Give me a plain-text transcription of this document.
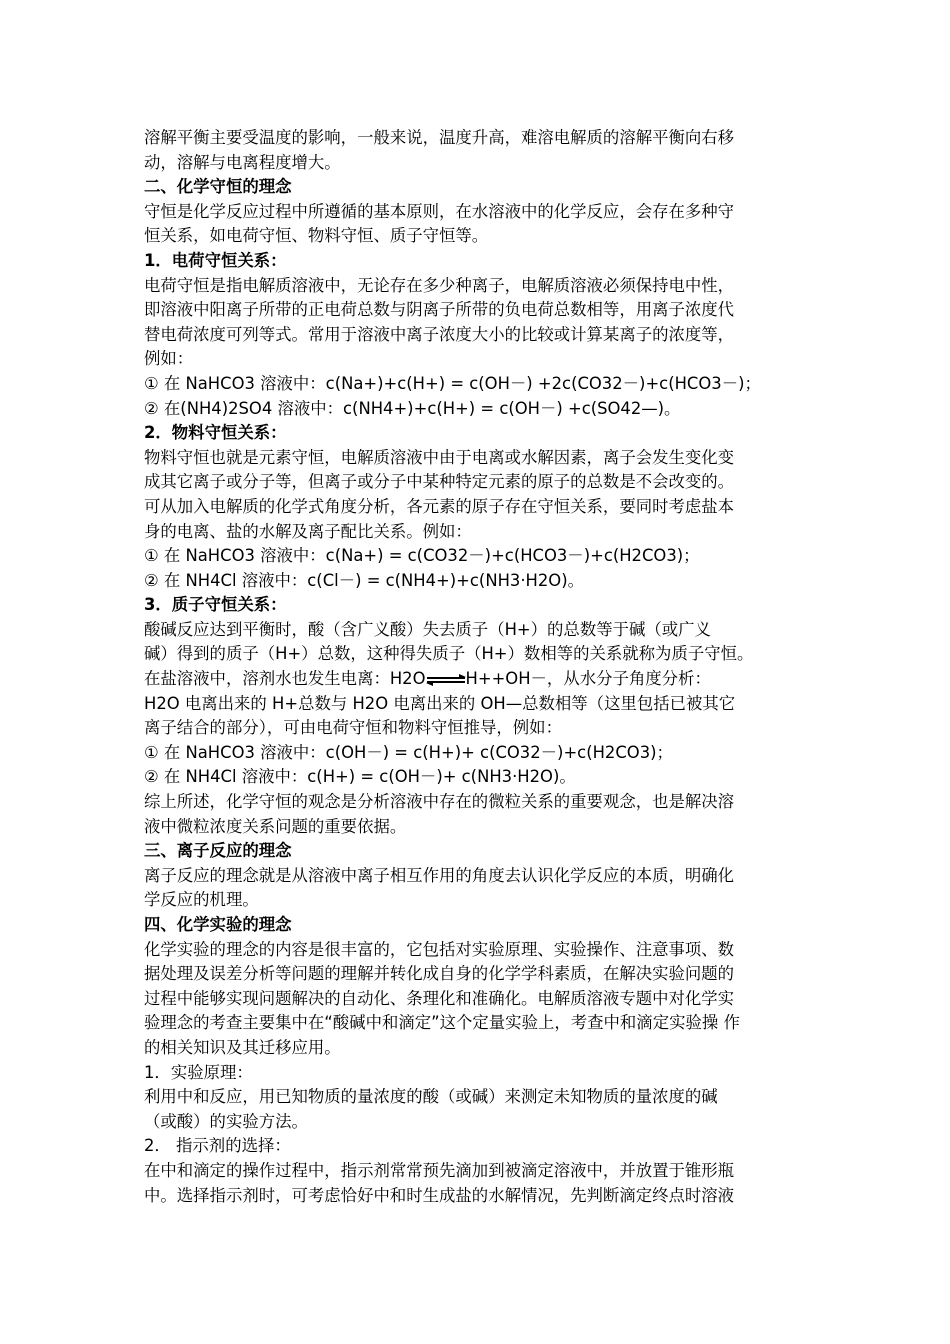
溶解平衡主要受温度的影响，一般来说，温度升高，难溶电解质的溶解平衡向右移
动，溶解与电离程度增大。
二、化学守恒的理念
守恒是化学反应过程中所遵循的基本原则，在水溶液中的化学反应，会存在多种守
恒关系，如电荷守恒、物料守恒、质子守恒等。
1．电荷守恒关系：
电荷守恒是指电解质溶液中，无论存在多少种离子，电解质溶液必须保持电中性，
即溶液中阳离子所带的正电荷总数与阴离子所带的负电荷总数相等，用离子浓度代
替电荷浓度可列等式。常用于溶液中离子浓度大小的比较或计算某离子的浓度等，
例如：
① 在 NaHCO3 溶液中：c(Na+)+c(H+) = c(OH－) +2c(CO32－)+c(HCO3－)；
② 在(NH4)2SO4 溶液中：c(NH4+)+c(H+) = c(OH－) +c(SO42—)。
2．物料守恒关系：
物料守恒也就是元素守恒，电解质溶液中由于电离或水解因素，离子会发生变化变
成其它离子或分子等，但离子或分子中某种特定元素的原子的总数是不会改变的。
可从加入电解质的化学式角度分析，各元素的原子存在守恒关系，要同时考虑盐本
身的电离、盐的水解及离子配比关系。例如：
① 在 NaHCO3 溶液中：c(Na+) = c(CO32－)+c(HCO3－)+c(H2CO3)；
② 在 NH4Cl 溶液中：c(Cl－) = c(NH4+)+c(NH3·H2O)。
3．质子守恒关系：
酸碱反应达到平衡时，酸（含广义酸）失去质子（H+）的总数等于碱（或广义
碱）得到的质子（H+）总数，这种得失质子（H+）数相等的关系就称为质子守恒。
在盐溶液中，溶剂水也发生电离：H2O⇌H++OH－，从水分子角度分析：
H2O 电离出来的 H+总数与 H2O 电离出来的 OH—总数相等（这里包括已被其它
离子结合的部分），可由电荷守恒和物料守恒推导，例如：
① 在 NaHCO3 溶液中：c(OH－) = c(H+)+ c(CO32－)+c(H2CO3)；
② 在 NH4Cl 溶液中：c(H+) = c(OH－)+ c(NH3·H2O)。
综上所述，化学守恒的观念是分析溶液中存在的微粒关系的重要观念，也是解决溶
液中微粒浓度关系问题的重要依据。
三、离子反应的理念
离子反应的理念就是从溶液中离子相互作用的角度去认识化学反应的本质，明确化
学反应的机理。
四、化学实验的理念
化学实验的理念的内容是很丰富的，它包括对实验原理、实验操作、注意事项、数
据处理及误差分析等问题的理解并转化成自身的化学学科素质，在解决实验问题的
过程中能够实现问题解决的自动化、条理化和准确化。电解质溶液专题中对化学实
验理念的考查主要集中在“酸碱中和滴定”这个定量实验上，考查中和滴定实验操 作
的相关知识及其迁移应用。
1．实验原理：
利用中和反应，用已知物质的量浓度的酸（或碱）来测定未知物质的量浓度的碱
（或酸）的实验方法。
2． 指示剂的选择：
在中和滴定的操作过程中，指示剂常常预先滴加到被滴定溶液中，并放置于锥形瓶
中。选择指示剂时，可考虑恰好中和时生成盐的水解情况，先判断滴定终点时溶液
